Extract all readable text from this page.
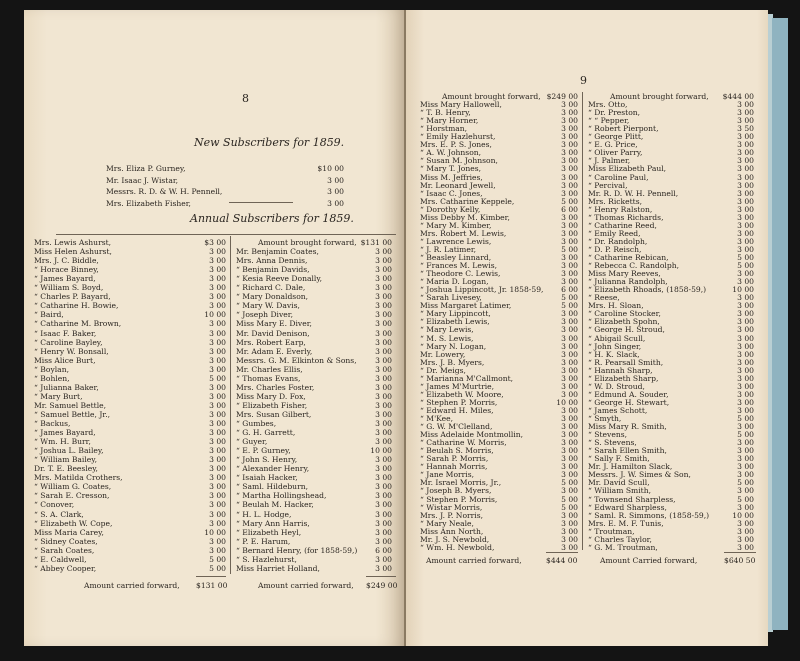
8
New Subscribers for 1859.
Mrs. Eliza P. Gurney,	$10 00
Mr. Isaac J. Wistar,	3 00
Messrs. R. D. & W. H. Pennell,	3 00
Mrs. Elizabeth Fisher,	3 00
Annual Subscribers for 1859.
Mrs. Lewis Ashurst,	$3 00
Miss Helen Ashurst,	3 00
Mrs. J. C. Biddle,	3 00
“ Horace Binney,	3 00
“ James Bayard,	3 00
“ William S. Boyd,	3 00
“ Charles P. Bayard,	3 00
“ Catharine H. Bowie,	3 00
“ Baird,	10 00
“ Catharine M. Brown,	3 00
“ Isaac F. Baker,	3 00
“ Caroline Bayley,	3 00
“ Henry W. Bonsall,	3 00
Miss Alice Burt,	3 00
“ Boylan,	3 00
“ Bohlen,	5 00
“ Julianna Baker,	3 00
“ Mary Burt,	3 00
Mr. Samuel Bettle,	3 00
“ Samuel Bettle, Jr.,	3 00
“ Backus,	3 00
“ James Bayard,	3 00
“ Wm. H. Burr,	3 00
“ Joshua L. Bailey,	3 00
“ William Bailey,	3 00
Dr. T. E. Beesley,	3 00
Mrs. Matilda Crothers,	3 00
“ William G. Coates,	3 00
“ Sarah E. Cresson,	3 00
“ Conover,	3 00
“ S. A. Clark,	3 00
“ Elizabeth W. Cope,	3 00
Miss Maria Carey,	10 00
“ Sidney Coates,	3 00
“ Sarah Coates,	3 00
“ E. Caldwell,	5 00
“ Abbey Cooper,	5 00
Amount brought forward, $131 00
Mr. Benjamin Coates,	3 00
Mrs. Anna Dennis,	3 00
“ Benjamin Davids,	3 00
“ Kesia Reeve Donally,	3 00
“ Richard C. Dale,	3 00
“ Mary Donaldson,	3 00
“ Mary W. Davis,	3 00
“ Joseph Diver,	3 00
Miss Mary E. Diver,	3 00
Mr. David Denison,	3 00
Mrs. Robert Earp,	3 00
Mr. Adam E. Everly,	3 00
Messrs. G. M. Elkinton & Sons, 3 00
Mr. Charles Ellis,	3 00
“ Thomas Evans,	3 00
Mrs. Charles Foster,	3 00
Miss Mary D. Fox,	3 00
“ Elizabeth Fisher,	3 00
Mrs. Susan Gilbert,	3 00
“ Gumbes,	3 00
“ G. H. Garrett,	3 00
“ Guyer,	3 00
“ E. P. Gurney,	10 00
“ John S. Henry,	3 00
“ Alexander Henry,	3 00
“ Isaiah Hacker,	3 00
“ Saml. Hildeburn,	3 00
“ Martha Hollingshead,	3 00
“ Beulah M. Hacker,	3 00
“ H. L. Hodge,	3 00
“ Mary Ann Harris,	3 00
“ Elizabeth Heyl,	3 00
“ P. E. Harum,	3 00
“ Bernard Henry, (for 1858-59,) 6 00
“ S. Hazlehurst,	3 00
Miss Harriet Holland,	3 00
Amount carried forward, $131 00	Amount carried forward, $249 00
9
Amount brought forward, $249 00
Miss Mary Hallowell,	3 00
“ T. B. Henry,	3 00
“ Mary Horner,	3 00
“ Horstman,	3 00
“ Emily Hazlehurst,	3 00
Mrs. E. P. S. Jones,	3 00
“ A. W. Johnson,	3 00
“ Susan M. Johnson,	3 00
“ Mary T. Jones,	3 00
Miss M. Jeffries,	3 00
Mr. Leonard Jewell,	3 00
“ Isaac C. Jones,	3 00
Mrs. Catharine Keppele,	5 00
“ Dorothy Kelly,	6 00
Miss Debby M. Kimber,	3 00
“ Mary M. Kimber,	3 00
Mrs. Robert M. Lewis,	3 00
“ Lawrence Lewis,	3 00
“ J. R. Latimer,	5 00
“ Beasley Linnard,	3 00
“ Frances M. Lewis,	3 00
“ Theodore C. Lewis,	3 00
“ Maria D. Logan,	3 00
“ Joshua Lippincott, Jr. 1858-59, 6 00
“ Sarah Livesey,	5 00
Miss Margaret Latimer,	5 00
“ Mary Lippincott,	3 00
“ Elizabeth Lewis,	3 00
“ Mary Lewis,	3 00
“ M. S. Lewis,	3 00
“ Mary N. Logan,	3 00
Mr. Lowery,	3 00
Mrs. J. B. Myers,	3 00
“ Dr. Meigs,	3 00
“ Marianna M'Callmont,	3 00
“ James M'Murtrie,	3 00
“ Elizabeth W. Moore,	3 00
“ Stephen P. Morris,	10 00
“ Edward H. Miles,	3 00
“ M'Kee,	3 00
“ G. W. M'Clelland,	3 00
Miss Adelaide Montmollin,	3 00
“ Catharine W. Morris,	3 00
“ Beulah S. Morris,	3 00
“ Sarah P. Morris,	3 00
“ Hannah Morris,	3 00
“ Jane Morris,	3 00
Mr. Israel Morris, Jr.,	5 00
“ Joseph B. Myers,	3 00
“ Stephen P. Morris,	5 00
“ Wistar Morris,	5 00
Mrs. J. P. Norris,	3 00
“ Mary Neale,	3 00
Miss Ann North,	3 00
Mr. J. S. Newbold,	3 00
“ Wm. H. Newbold,	3 00
Amount brought forward, $444 00
Mrs. Otto,	3 00
“ Dr. Preston,	3 00
“ “ Pepper,	3 00
“ Robert Pierpont,	3 50
“ George Plitt,	3 00
“ E. G. Price,	3 00
“ Oliver Parry,	3 00
“ J. Palmer,	3 00
Miss Elizabeth Paul,	3 00
“ Caroline Paul,	3 00
“ Percival,	3 00
Mr. R. D. W. H. Pennell,	3 00
Mrs. Ricketts,	3 00
“ Henry Ralston,	3 00
“ Thomas Richards,	3 00
“ Catharine Reed,	3 00
“ Emily Reed,	3 00
“ Dr. Randolph,	3 00
“ D. P. Reisch,	3 00
“ Catharine Rebican,	5 00
“ Rebecca C. Randolph,	5 00
Miss Mary Reeves,	3 00
“ Julianna Randolph,	3 00
“ Elizabeth Rhoads, (1858-59,)	10 00
“ Reese,	3 00
Mrs. H. Sloan,	3 00
“ Caroline Stocker,	3 00
“ Elizabeth Spohn,	3 00
“ George H. Stroud,	3 00
“ Abigail Scull,	3 00
“ John Singer,	3 00
“ H. K. Slack,	3 00
“ R. Pearsall Smith,	3 00
“ Hannah Sharp,	3 00
“ Elizabeth Sharp,	3 00
“ W. D. Stroud,	3 00
“ Edmund A. Souder,	3 00
“ George H. Stewart,	3 00
“ James Schott,	3 00
“ Smyth,	5 00
Miss Mary R. Smith,	3 00
“ Stevens,	5 00
“ S. Stevens,	3 00
“ Sarah Ellen Smith,	3 00
“ Sally F. Smith,	3 00
Mr. J. Hamilton Slack,	3 00
Messrs. J. W. Simes & Son,	3 00
Mr. David Scull,	5 00
“ William Smith,	3 00
“ Townsend Sharpless,	5 00
“ Edward Sharpless,	3 00
“ Saml. R. Simmons, (1858-59,)	10 00
Mrs. E. M. F. Tunis,	3 00
“ Troutman,	3 00
“ Charles Taylor,	3 00
“ G. M. Troutman,	3 00
Amount carried forward,	$444 00	Amount Carried forward,	$640 50
